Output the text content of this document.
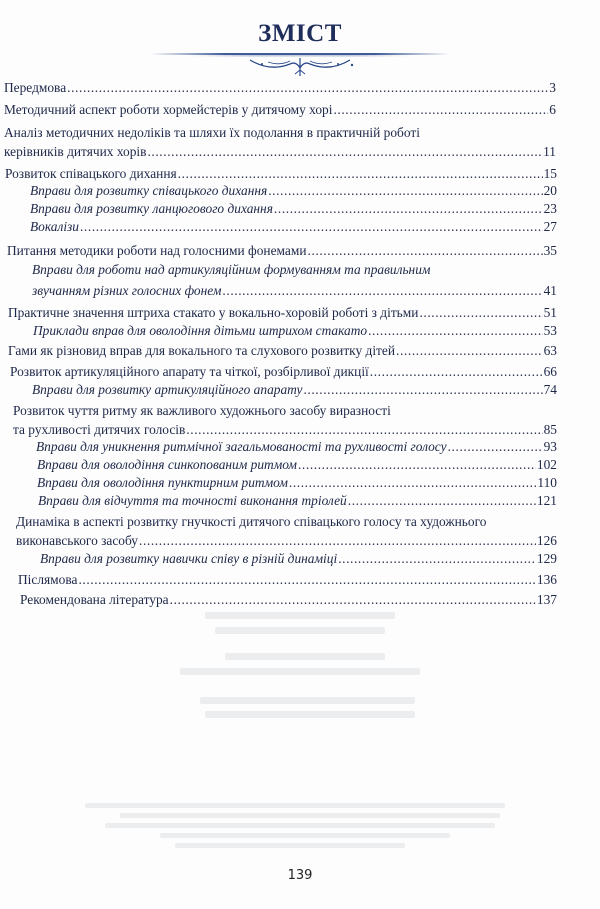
ЗМІСТ
Передмова .....	3
Методичний аспект роботи хормейстерів у дитячому хорі .....	6
Аналіз методичних недоліків та шляхи їх подолання в практичній роботі
керівників дитячих хорів .....	11
Розвиток співацького дихання .....	15
Вправи для розвитку співацького дихання .....	20
Вправи для розвитку ланцюгового дихання .....	23
Вокалізи .....	27
Питання методики роботи над голосними фонемами .....	35
Вправи для роботи над артикуляційним формуванням та правильним
звучанням різних голосних фонем .....	41
Практичне значення штриха стакато у вокально-хоровій роботі з дітьми .....	51
Приклади вправ для оволодіння дітьми штрихом стакато .....	53
Гами як різновид вправ для вокального та слухового розвитку дітей .....	63
Розвиток артикуляційного апарату та чіткої, розбірливої дикції .....	66
Вправи для розвитку артикуляційного апарату .....	74
Розвиток чуття ритму як важливого художнього засобу виразності
та рухливості дитячих голосів .....	85
Вправи для уникнення ритмічної загальмованості та рухливості голосу .....	93
Вправи для оволодіння синкопованим ритмом .....	102
Вправи для оволодіння пунктирним ритмом .....	110
Вправи для відчуття та точності виконання тріолей .....	121
Динаміка в аспекті розвитку гнучкості дитячого співацького голосу та художнього
виконавського засобу .....	126
Вправи для розвитку навички співу в різній динаміці .....	129
Післямова .....	136
Рекомендована література .....	137
139
